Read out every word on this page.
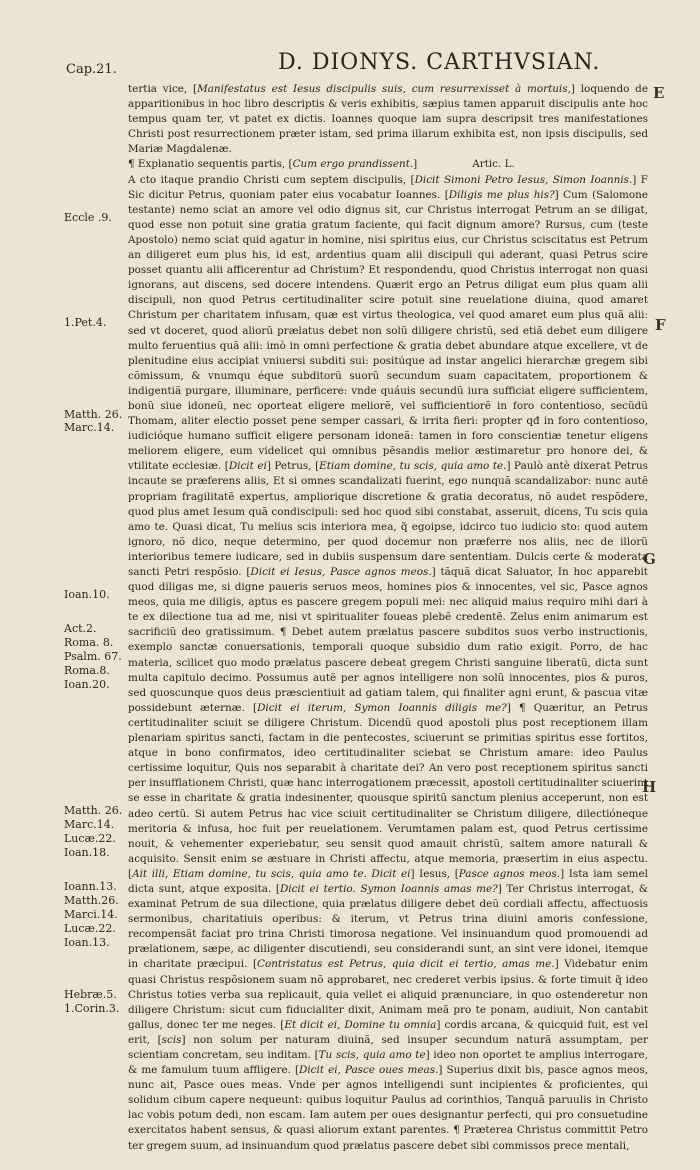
Cap.21.	D. DIONYS. CARTHVSIAN.
E
F
G
H
Eccle .9.
1.Pet.4.
Matth. 26.
Marc.14.
Ioan.10.
Act.2.
Roma. 8.
Psalm. 67.
Roma.8.
Ioan.20.
Matth. 26.
Marc.14.
Lucæ.22.
Ioan.18.
Ioann.13.
Matth.26.
Marci.14.
Lucæ.22.
Ioan.13.
Hebræ.5.
1.Corin.3.

tertia vice, [Manifestatus est Iesus discipulis suis, cum resurrexisset à mortuis,] loquendo de apparitionibus in hoc libro descriptis & veris exhibitis, sæpius tamen apparuit discipulis ante hoc tempus quam ter, vt patet ex dictis. Ioannes quoque iam supra descripsit tres manifestationes Christi post resurrectionem præter istam, sed prima illarum exhibita est, non ipsis discipulis, sed Mariæ Magdalenæ.

¶ Explanatio sequentis partis, [Cum ergo prandissent.]	Artic. L.

A cto itaque prandio Christi cum septem discipulis, [Dicit Simoni Petro Iesus, Simon Ioannis.] F Sic dicitur Petrus, quoniam pater eius vocabatur Ioannes. [Diligis me plus his?] Cum (Salomone testante) nemo sciat an amore vel odio dignus sit, cur Christus interrogat Petrum an se diligat, quod esse non potuit sine gratia gratum faciente, qui facit dignum amore? Rursus, cum (teste Apostolo) nemo sciat quid agatur in homine, nisi spiritus eius, cur Christus sciscitatus est Petrum an diligeret eum plus his, id est, ardentius quam alii discipuli qui aderant, quasi Petrus scire posset quantu alii afficerentur ad Christum? Et respondendu, quod Christus interrogat non quasi ignorans, aut discens, sed docere intendens. Quærit ergo an Petrus diligat eum plus quam alii discipuli, non quod Petrus certitudinaliter scire potuit sine reuelatione diuina, quod amaret Christum per charitatem infusam, quæ est virtus theologica, vel quod amaret eum plus quã alii: sed vt doceret, quod aliorũ prælatus debet non solũ diligere christũ, sed etiã debet eum diligere multo feruentius quã alii: imò in omni perfectione & gratia debet abundare atque excellere, vt de plenitudine eius accipiat vniuersi subditi sui: positúque ad instar angelici hierarchæ gregem sibi cõmissum, & vnumqu éque subditorũ suorũ secundum suam capacitatem, proportionem & indigentiã purgare, illuminare, perficere: vnde quáuis secundũ iura sufficiat eligere sufficientem, bonũ siue idoneũ, nec oporteat eligere meliorẽ, vel sufficientiorẽ in foro contentioso, secũdũ Thomam, aliter electio posset pene semper cassari, & irrita fieri: propter qđ in foro contentioso, iudicióque humano sufficit eligere personam idoneã: tamen in foro conscientiæ tenetur eligens meliorem eligere, eum videlicet qui omnibus pẽsandis melior æstimaretur pro honore dei, & vtilitate ecclesiæ. [Dicit ei] Petrus, [Etiam domine, tu scis, quia amo te.] Paulò antè dixerat Petrus incaute se præferens aliis, Et si omnes scandalizati fuerint, ego nunquã scandalizabor: nunc autẽ propriam fragilitatẽ expertus, ampliorique discretione & gratia decoratus, nõ audet respõdere, quod plus amet Iesum quã condiscipuli: sed hoc quod sibi constabat, asseruit, dicens, Tu scis quia amo te. Quasi dicat, Tu melius scis interiora mea, q̃ egoipse, idcirco tuo iudicio sto: quod autem ignoro, nõ dico, neque determino, per quod docemur non præferre nos aliis, nec de illorũ interioribus temere iudicare, sed in dubiis suspensum dare sententiam. Dulcis certe & moderata sancti Petri respõsio. [Dicit ei Iesus, Pasce agnos meos.] tãquã dicat Saluator, In hoc apparebit quod diligas me, si digne paueris seruos meos, homines pios & innocentes, vel sic, Pasce agnos meos, quia me diligis, aptus es pascere gregem populi mei: nec aliquid maius requiro mihi dari à te ex dilectione tua ad me, nisi vt spiritualiter foueas plebẽ credentẽ. Zelus enim animarum est sacrificiũ deo gratissimum. ¶ Debet autem prælatus pascere subditos suos verbo instructionis, exemplo sanctæ conuersationis, temporali quoque subsidio dum ratio exigit. Porro, de hac materia, scilicet quo modo prælatus pascere debeat gregem Christi sanguine liberatũ, dicta sunt multa capitulo decimo. Possumus autẽ per agnos intelligere non solũ innocentes, pios & puros, sed quoscunque quos deus præscientiuit ad gatiam talem, qui finaliter agni erunt, & pascua vitæ possidebunt æternæ. [Dicit ei iterum, Symon Ioannis diligis me?] ¶ Quæritur, an Petrus certitudinaliter sciuit se diligere Christum. Dicendũ quod apostoli plus post receptionem illam plenariam spiritus sancti, factam in die pentecostes, sciuerunt se primitias spiritus esse fortitos, atque in bono confirmatos, ideo certitudinaliter sciebat se Christum amare: ideo Paulus certissime loquitur, Quis nos separabit à charitate dei? An vero post receptionem spiritus sancti per insufflationem Christi, quæ hanc interrogationem præcessit, apostoli certitudinaliter sciuerint se esse in charitate & gratia indesinenter, quousque spiritũ sanctum plenius acceperunt, non est adeo certũ. Si autem Petrus hac vice sciuit certitudinaliter se Christum diligere, dilectióneque meritoria & infusa, hoc fuit per reuelationem. Verumtamen palam est, quod Petrus certissime nouit, & vehementer experiebatur, seu sensit quod amauit christũ, saltem amore naturali & acquisito. Sensit enim se æstuare in Christi affectu, atque memoria, præsertim in eius aspectu. [Ait illi, Etiam domine, tu scis, quia amo te. Dicit ei] Iesus, [Pasce agnos meos.] Ista iam semel dicta sunt, atque exposita. [Dicit ei tertio. Symon Ioannis amas me?] Ter Christus interrogat, & examinat Petrum de sua dilectione, quia prælatus diligere debet deũ cordiali affectu, affectuosis sermonibus, charitatiuis operibus: & iterum, vt Petrus trina diuini amoris confessione, recompensãt faciat pro trina Christi timorosa negatione. Vel insinuandum quod promouendi ad prælationem, sæpe, ac diligenter discutiendi, seu considerandi sunt, an sint vere idonei, itemque in charitate præcipui. [Contristatus est Petrus, quia dicit ei tertio, amas me.] Videbatur enim quasi Christus respõsionem suam nõ approbaret, nec crederet verbis ipsius. & forte timuit q̃ ideo Christus toties verba sua replicauit, quia vellet ei aliquid prænunciare, in quo ostenderetur non diligere Christum: sicut cum fiducialiter dixit, Animam meã pro te ponam, audiuit, Non cantabit gallus, donec ter me neges. [Et dicit ei, Domine tu omnia] cordis arcana, & quicquid fuit, est vel erit, [scis] non solum per naturam diuinã, sed insuper secundum naturã assumptam, per scientiam concretam, seu inditam. [Tu scis, quia amo te] ideo non oportet te amplius interrogare, & me famulum tuum affligere. [Dicit ei, Pasce oues meas.] Superius dixit bis, pasce agnos meos, nunc ait, Pasce oues meas. Vnde per agnos intelligendi sunt incipientes & proficientes, qui solidum cibum capere nequeunt: quibus loquitur Paulus ad corinthios, Tanquã paruulis in Christo lac vobis potum dedi, non escam. Iam autem per oues designantur perfecti, qui pro consuetudine exercitatos habent sensus, & quasi aliorum extant parentes. ¶ Præterea Christus committit Petro ter gregem suum, ad insinuandum quod prælatus pascere debet sibi commissos prece mentali,
